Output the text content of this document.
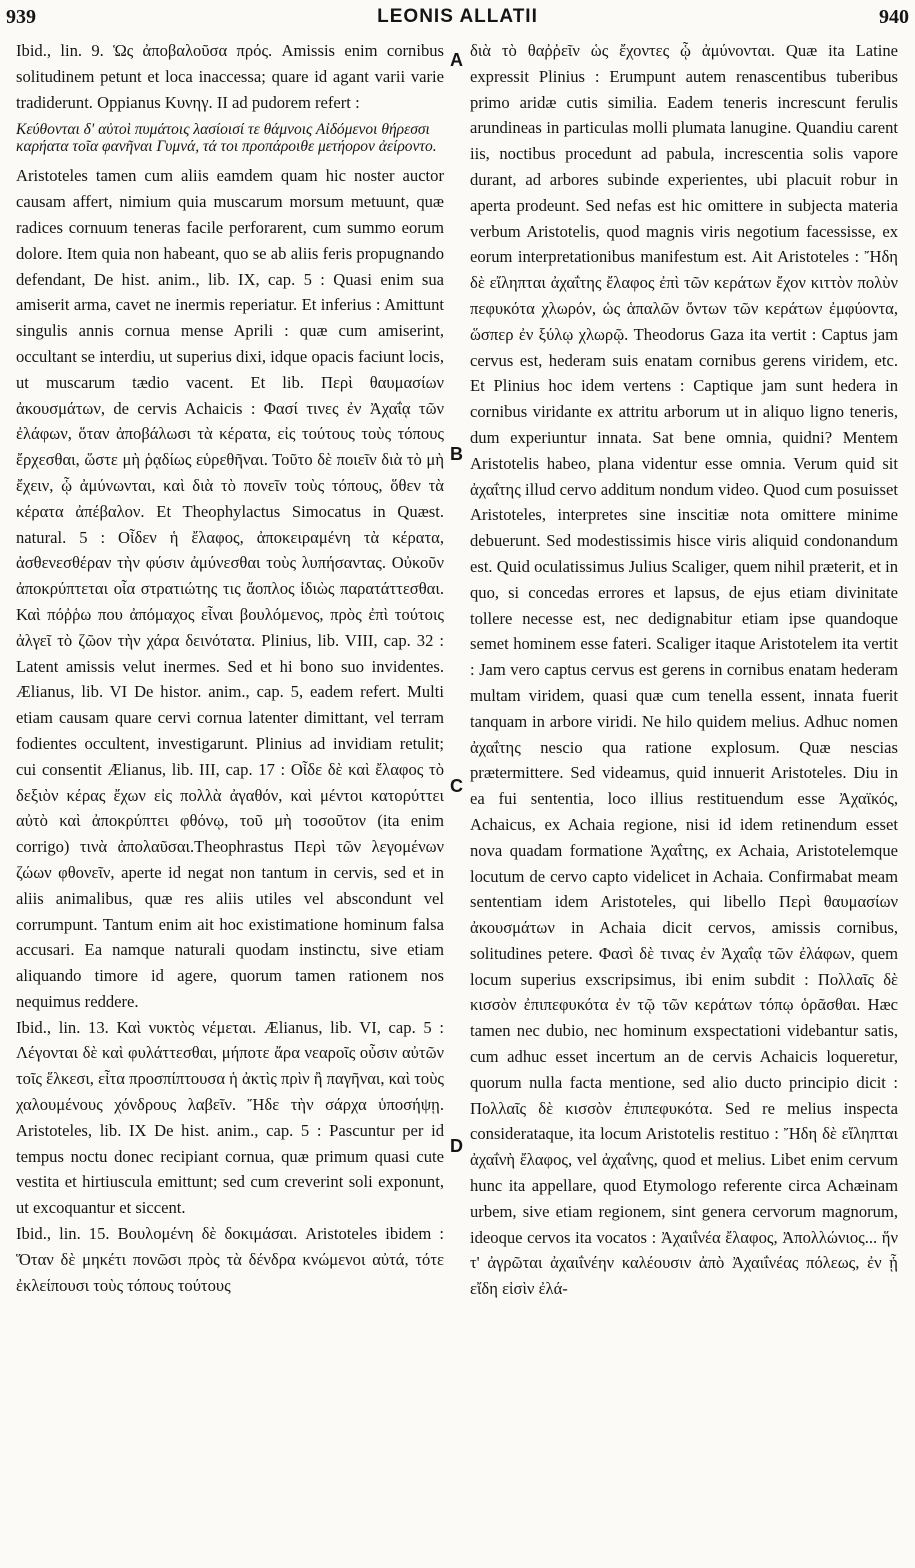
939	LEONIS ALLATII	940

Ibid., lin. 9. Ὡς ἀποβαλοῦσα πρός. Amissis enim cornibus solitudinem petunt et loca inaccessa; quare id agant varii varie tradiderunt. Oppianus Κυνηγ. II ad pudorem refert :

Κεύθονται δ' αὐτοὶ πυμάτοις λασίοισί τε θάμνοις Αἰδόμενοι θήρεσσι καρήατα τοῖα φανῆναι Γυμνά, τά τοι προπάροιθε μετήορον ἀείροντο.

Aristoteles tamen cum aliis eamdem quam hic noster auctor causam affert, nimium quia muscarum morsum metuunt, quæ radices cornuum teneras facile perforarent, cum summo eorum dolore. Item quia non habeant, quo se ab aliis feris propugnando defendant, De hist. anim., lib. IX, cap. 5 : Quasi enim sua amiserit arma, cavet ne inermis reperiatur. Et inferius : Amittunt singulis annis cornua mense Aprili : quæ cum amiserint, occultant se interdiu, ut superius dixi, idque opacis faciunt locis, ut muscarum tædio vacent. Et lib. Περὶ θαυμασίων ἀκουσμάτων, de cervis Achaicis : Φασί τινες ἐν Ἀχαΐᾳ τῶν ἐλάφων, ὅταν ἀποβάλωσι τὰ κέρατα, εἰς τούτους τοὺς τόπους ἔρχεσθαι, ὥστε μὴ ῥᾳδίως εὑρεθῆναι. Τοῦτο δὲ ποιεῖν διὰ τὸ μὴ ἔχειν, ᾧ ἀμύνωνται, καὶ διὰ τὸ πονεῖν τοὺς τόπους, ὅθεν τὰ κέρατα ἀπέβαλον. Et Theophylactus Simocatus in Quæst. natural. 5 : Οἶδεν ἡ ἔλαφος, ἀποκειραμένη τὰ κέρατα, ἀσθενεσθέραν τὴν φύσιν ἀμύνεσθαι τοὺς λυπήσαντας. Οὐκοῦν ἀποκρύπτεται οἷα στρατιώτης τις ἄοπλος ἰδιὼς παρατάττεσθαι. Καὶ πόῤῥω που ἀπόμαχος εἶναι βουλόμενος, πρὸς ἐπὶ τούτοις ἀλγεῖ τὸ ζῶον τὴν χάρα δεινότατα. Plinius, lib. VIII, cap. 32 : Latent amissis velut inermes. Sed et hi bono suo invidentes. Ælianus, lib. VI De histor. anim., cap. 5, eadem refert. Multi etiam causam quare cervi cornua latenter dimittant, vel terram fodientes occultent, investigarunt. Plinius ad invidiam retulit; cui consentit Ælianus, lib. III, cap. 17 : Οἶδε δὲ καὶ ἔλαφος τὸ δεξιὸν κέρας ἔχων εἰς πολλὰ ἀγαθόν, καὶ μέντοι κατορύττει αὐτὸ καὶ ἀποκρύπτει φθόνῳ, τοῦ μὴ τοσοῦτον (ita enim corrigo) τινὰ ἀπολαῦσαι.Theophrastus Περὶ τῶν λεγομένων ζώων φθονεῖν, aperte id negat non tantum in cervis, sed et in aliis animalibus, quæ res aliis utiles vel abscondunt vel corrumpunt. Tantum enim ait hoc existimatione hominum falsa accusari. Ea namque naturali quodam instinctu, sive etiam aliquando timore id agere, quorum tamen rationem nos nequimus reddere.

Ibid., lin. 13. Καὶ νυκτὸς νέμεται. Ælianus, lib. VI, cap. 5 : Λέγονται δὲ καὶ φυλάττεσθαι, μήποτε ἄρα νεαροῖς οὖσιν αὐτῶν τοῖς ἕλκεσι, εἶτα προσπίπτουσα ἡ ἀκτὶς πρὶν ἢ παγῆναι, καὶ τοὺς χαλουμένους χόνδρους λαβεῖν. Ἤδε τὴν σάρχα ὑποσήψῃ. Aristoteles, lib. IX De hist. anim., cap. 5 : Pascuntur per id tempus noctu donec recipiant cornua, quæ primum quasi cute vestita et hirtiuscula emittunt; sed cum creverint soli exponunt, ut excoquantur et siccent.

Ibid., lin. 15. Βουλομένη δὲ δοκιμάσαι. Aristoteles ibidem : Ὅταν δὲ μηκέτι πονῶσι πρὸς τὰ δένδρα κνώμενοι αὐτά, τότε ἐκλείπουσι τοὺς τόπους τούτους

A
B
C
D

διὰ τὸ θαῤῥεῖν ὡς ἔχοντες ᾧ ἀμύνονται. Quæ ita Latine expressit Plinius : Erumpunt autem renascentibus tuberibus primo aridæ cutis similia. Eadem teneris increscunt ferulis arundineas in particulas molli plumata lanugine. Quandiu carent iis, noctibus procedunt ad pabula, increscentia solis vapore durant, ad arbores subinde experientes, ubi placuit robur in aperta prodeunt. Sed nefas est hic omittere in subjecta materia verbum Aristotelis, quod magnis viris negotium facessisse, ex eorum interpretationibus manifestum est. Ait Aristoteles : Ἤδη δὲ εἴληπται ἀχαΐτης ἔλαφος ἐπὶ τῶν κεράτων ἔχον κιττὸν πολὺν πεφυκότα χλωρόν, ὡς ἁπαλῶν ὄντων τῶν κεράτων ἐμφύοντα, ὥσπερ ἐν ξύλῳ χλωρῷ. Theodorus Gaza ita vertit : Captus jam cervus est, hederam suis enatam cornibus gerens viridem, etc. Et Plinius hoc idem vertens : Captique jam sunt hedera in cornibus viridante ex attritu arborum ut in aliquo ligno teneris, dum experiuntur innata. Sat bene omnia, quidni? Mentem Aristotelis habeo, plana videntur esse omnia. Verum quid sit ἀχαΐτης illud cervo additum nondum video. Quod cum posuisset Aristoteles, interpretes sine inscitiæ nota omittere minime debuerunt. Sed modestissimis hisce viris aliquid condonandum est. Quid oculatissimus Julius Scaliger, quem nihil præterit, et in quo, si concedas errores et lapsus, de ejus etiam divinitate tollere necesse est, nec dedignabitur etiam ipse quandoque semet hominem esse fateri. Scaliger itaque Aristotelem ita vertit : Jam vero captus cervus est gerens in cornibus enatam hederam multam viridem, quasi quæ cum tenella essent, innata fuerit tanquam in arbore viridi. Ne hilo quidem melius. Adhuc nomen ἀχαΐτης nescio qua ratione explosum. Quæ nescias prætermittere. Sed videamus, quid innuerit Aristoteles. Diu in ea fui sententia, loco illius restituendum esse Ἀχαϊκός, Achaicus, ex Achaia regione, nisi id idem retinendum esset nova quadam formatione Ἀχαΐτης, ex Achaia, Aristotelemque locutum de cervo capto videlicet in Achaia. Confirmabat meam sententiam idem Aristoteles, qui libello Περὶ θαυμασίων ἀκουσμάτων in Achaia dicit cervos, amissis cornibus, solitudines petere. Φασὶ δὲ τινας ἐν Ἀχαΐᾳ τῶν ἐλάφων, quem locum superius exscripsimus, ibi enim subdit : Πολλαῖς δὲ κισσὸν ἐπιπεφυκότα ἐν τῷ τῶν κεράτων τόπῳ ὁρᾶσθαι. Hæc tamen nec dubio, nec hominum exspectationi videbantur satis, cum adhuc esset incertum an de cervis Achaicis loqueretur, quorum nulla facta mentione, sed alio ducto principio dicit : Πολλαῖς δὲ κισσὸν ἐπιπεφυκότα. Sed re melius inspecta considerataque, ita locum Aristotelis restituo : Ἤδη δὲ εἴληπται ἀχαΐνὴ ἔλαφος, vel ἀχαΐνης, quod et melius. Libet enim cervum hunc ita appellare, quod Etymologo referente circa Achæinam urbem, sive etiam regionem, sint genera cervorum magnorum, ideoque cervos ita vocatos : Ἀχαιΐνέα ἔλαφος, Ἀπολλώνιος... ἥν τ' ἀγρῶται ἀχαιΐνέην καλέουσιν ἀπὸ Ἀχαιΐνέας πόλεως, ἐν ᾗ εἴδη εἰσὶν ἐλά-
